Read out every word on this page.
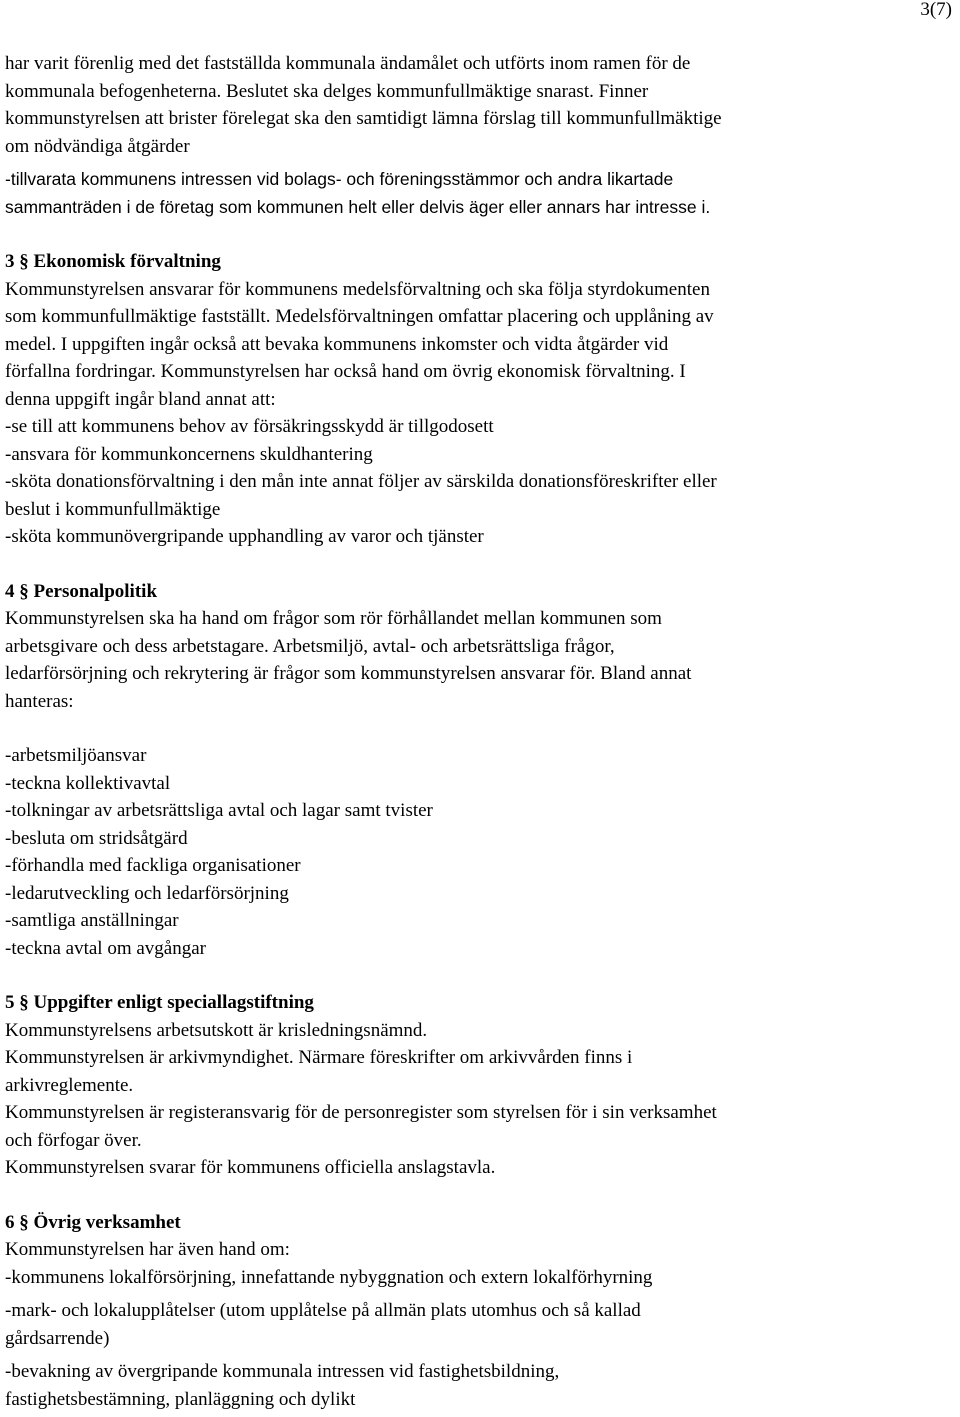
3(7)
har varit förenlig med det fastställda kommunala ändamålet och utförts inom ramen för de
kommunala befogenheterna. Beslutet ska delges kommunfullmäktige snarast. Finner
kommunstyrelsen att brister förelegat ska den samtidigt lämna förslag till kommunfullmäktige
om nödvändiga åtgärder
-tillvarata kommunens intressen vid bolags- och föreningsstämmor och andra likartade
sammanträden i de företag som kommunen helt eller delvis äger eller annars har intresse i.
3 § Ekonomisk förvaltning
Kommunstyrelsen ansvarar för kommunens medelsförvaltning och ska följa styrdokumenten
som kommunfullmäktige fastställt. Medelsförvaltningen omfattar placering och upplåning av
medel. I uppgiften ingår också att bevaka kommunens inkomster och vidta åtgärder vid
förfallna fordringar. Kommunstyrelsen har också hand om övrig ekonomisk förvaltning. I
denna uppgift ingår bland annat att:
-se till att kommunens behov av försäkringsskydd är tillgodosett
-ansvara för kommunkoncernens skuldhantering
-sköta donationsförvaltning i den mån inte annat följer av särskilda donationsföreskrifter eller
beslut i kommunfullmäktige
-sköta kommunövergripande upphandling av varor och tjänster
4 § Personalpolitik
Kommunstyrelsen ska ha hand om frågor som rör förhållandet mellan kommunen som
arbetsgivare och dess arbetstagare. Arbetsmiljö, avtal- och arbetsrättsliga frågor,
ledarförsörjning och rekrytering är frågor som kommunstyrelsen ansvarar för. Bland annat
hanteras:
-arbetsmiljöansvar
-teckna kollektivavtal
-tolkningar av arbetsrättsliga avtal och lagar samt tvister
-besluta om stridsåtgärd
-förhandla med fackliga organisationer
-ledarutveckling och ledarförsörjning
-samtliga anställningar
-teckna avtal om avgångar
5 § Uppgifter enligt speciallagstiftning
Kommunstyrelsens arbetsutskott är krisledningsnämnd.
Kommunstyrelsen är arkivmyndighet. Närmare föreskrifter om arkivvården finns i
arkivreglemente.
Kommunstyrelsen är registeransvarig för de personregister som styrelsen för i sin verksamhet
och förfogar över.
Kommunstyrelsen svarar för kommunens officiella anslagstavla.
6 § Övrig verksamhet
Kommunstyrelsen har även hand om:
-kommunens lokalförsörjning, innefattande nybyggnation och extern lokalförhyrning
-mark- och lokalupplåtelser (utom upplåtelse på allmän plats utomhus och så kallad
gårdsarrende)
-bevakning av övergripande kommunala intressen vid fastighetsbildning,
fastighetsbestämning, planläggning och dylikt
